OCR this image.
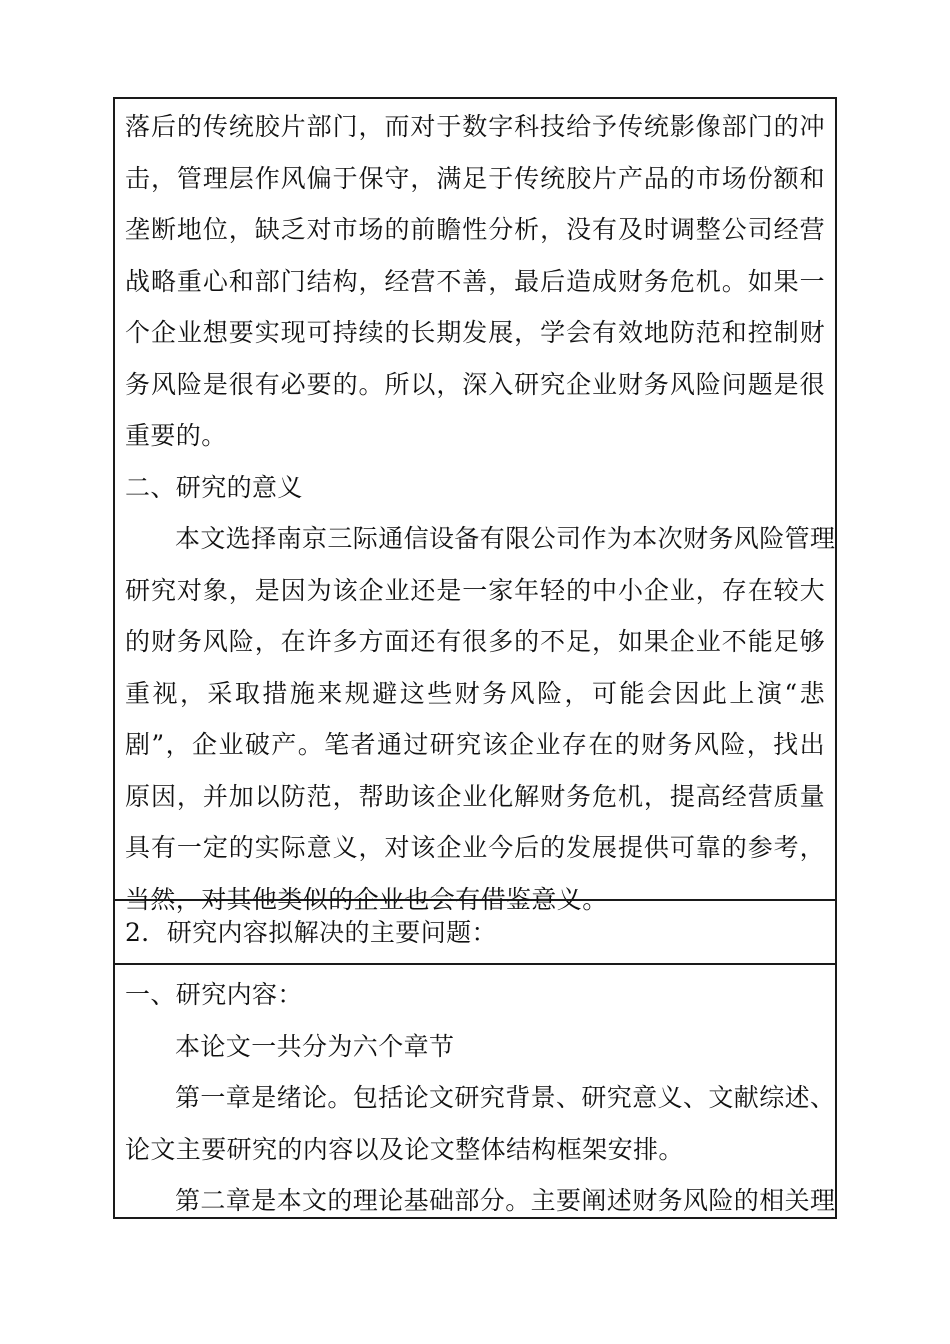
落后的传统胶片部门，而对于数字科技给予传统影像部门的冲
击，管理层作风偏于保守，满足于传统胶片产品的市场份额和
垄断地位，缺乏对市场的前瞻性分析，没有及时调整公司经营
战略重心和部门结构，经营不善，最后造成财务危机。如果一
个企业想要实现可持续的长期发展，学会有效地防范和控制财
务风险是很有必要的。所以，深入研究企业财务风险问题是很
重要的。
二、研究的意义
本文选择南京三际通信设备有限公司作为本次财务风险管理
研究对象，是因为该企业还是一家年轻的中小企业，存在较大
的财务风险，在许多方面还有很多的不足，如果企业不能足够
重视，采取措施来规避这些财务风险，可能会因此上演“悲
剧”，企业破产。笔者通过研究该企业存在的财务风险，找出
原因，并加以防范，帮助该企业化解财务危机，提高经营质量
具有一定的实际意义，对该企业今后的发展提供可靠的参考，
当然，对其他类似的企业也会有借鉴意义。
2．研究内容拟解决的主要问题：
一、研究内容：
本论文一共分为六个章节
第一章是绪论。包括论文研究背景、研究意义、文献综述、
论文主要研究的内容以及论文整体结构框架安排。
第二章是本文的理论基础部分。主要阐述财务风险的相关理
